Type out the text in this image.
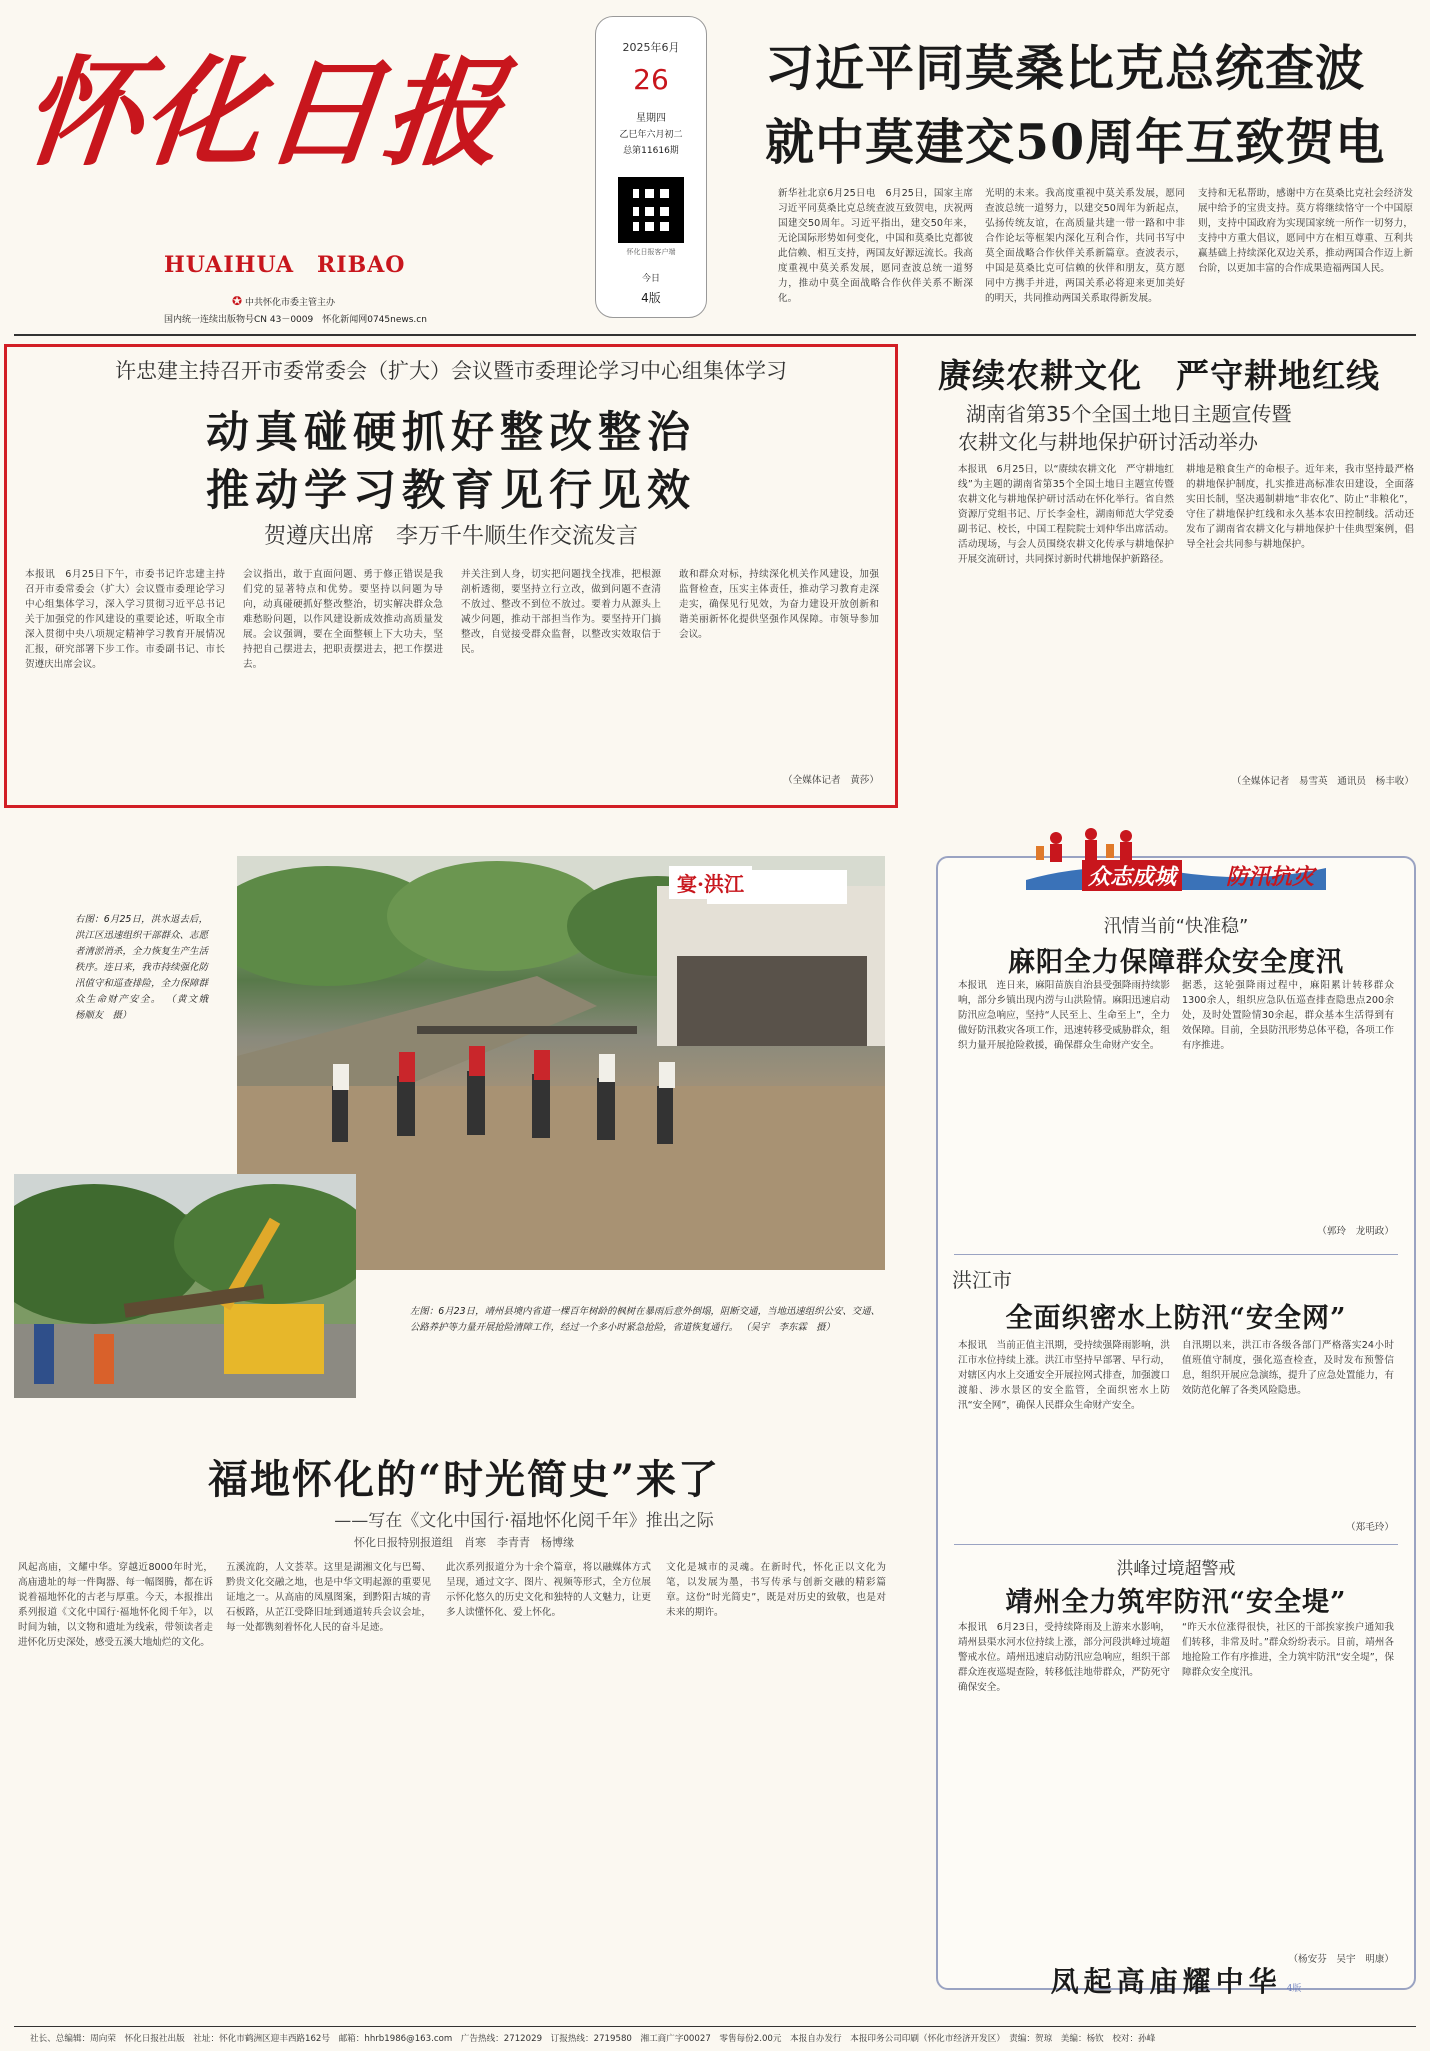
怀化日报
HUAIHUA　RIBAO
✪ 中共怀化市委主管主办
国内统一连续出版物号CN 43－0009　怀化新闻网0745news.cn
2025年6月
26
星期四
乙巳年六月初二
总第11616期
怀化日报客户端
今日
4版
习近平同莫桑比克总统查波
就中莫建交50周年互致贺电
新华社北京6月25日电　6月25日，国家主席习近平同莫桑比克总统查波互致贺电，庆祝两国建交50周年。习近平指出，建交50年来，无论国际形势如何变化，中国和莫桑比克都彼此信赖、相互支持，两国友好源远流长。我高度重视中莫关系发展，愿同查波总统一道努力，推动中莫全面战略合作伙伴关系不断深化。
光明的未来。我高度重视中莫关系发展，愿同查波总统一道努力，以建交50周年为新起点，弘扬传统友谊，在高质量共建一带一路和中非合作论坛等框架内深化互利合作，共同书写中莫全面战略合作伙伴关系新篇章。查波表示，中国是莫桑比克可信赖的伙伴和朋友，莫方愿同中方携手并进，两国关系必将迎来更加美好的明天，共同推动两国关系取得新发展。
支持和无私帮助，感谢中方在莫桑比克社会经济发展中给予的宝贵支持。莫方将继续恪守一个中国原则，支持中国政府为实现国家统一所作一切努力，支持中方重大倡议，愿同中方在相互尊重、互利共赢基础上持续深化双边关系，推动两国合作迈上新台阶，以更加丰富的合作成果造福两国人民。
许忠建主持召开市委常委会（扩大）会议暨市委理论学习中心组集体学习
动真碰硬抓好整改整治
推动学习教育见行见效
贺遵庆出席　李万千牛顺生作交流发言
本报讯　6月25日下午，市委书记许忠建主持召开市委常委会（扩大）会议暨市委理论学习中心组集体学习，深入学习贯彻习近平总书记关于加强党的作风建设的重要论述，听取全市深入贯彻中央八项规定精神学习教育开展情况汇报，研究部署下步工作。市委副书记、市长贺遵庆出席会议。
会议指出，敢于直面问题、勇于修正错误是我们党的显著特点和优势。要坚持以问题为导向，动真碰硬抓好整改整治，切实解决群众急难愁盼问题，以作风建设新成效推动高质量发展。会议强调，要在全面整顿上下大功夫，坚持把自己摆进去，把职责摆进去，把工作摆进去。
并关注到人身，切实把问题找全找准，把根源剖析透彻，要坚持立行立改，做到问题不查清不放过、整改不到位不放过。要着力从源头上减少问题，推动干部担当作为。要坚持开门搞整改，自觉接受群众监督，以整改实效取信于民。
敢和群众对标，持续深化机关作风建设，加强监督检查，压实主体责任，推动学习教育走深走实，确保见行见效，为奋力建设开放创新和谐美丽新怀化提供坚强作风保障。市领导参加会议。
（全媒体记者　黄莎）
赓续农耕文化　严守耕地红线
湖南省第35个全国土地日主题宣传暨
农耕文化与耕地保护研讨活动举办
本报讯　6月25日，以“赓续农耕文化　严守耕地红线”为主题的湖南省第35个全国土地日主题宣传暨农耕文化与耕地保护研讨活动在怀化举行。省自然资源厅党组书记、厅长李金柱，湖南师范大学党委副书记、校长，中国工程院院士刘仲华出席活动。活动现场，与会人员围绕农耕文化传承与耕地保护开展交流研讨，共同探讨新时代耕地保护新路径。
耕地是粮食生产的命根子。近年来，我市坚持最严格的耕地保护制度，扎实推进高标准农田建设，全面落实田长制，坚决遏制耕地“非农化”、防止“非粮化”，守住了耕地保护红线和永久基本农田控制线。活动还发布了湖南省农耕文化与耕地保护十佳典型案例，倡导全社会共同参与耕地保护。
（全媒体记者　易雪英　通讯员　杨丰收）
宴·洪江
右图：6月25日，洪水退去后，洪江区迅速组织干部群众、志愿者清淤消杀，全力恢复生产生活秩序。连日来，我市持续强化防汛值守和巡查排险，全力保障群众生命财产安全。 （黄文娥　杨顺友　摄）
左图：6月23日，靖州县境内省道一棵百年树龄的枫树在暴雨后意外倒塌，阻断交通，当地迅速组织公安、交通、公路养护等力量开展抢险清障工作，经过一个多小时紧急抢险，省道恢复通行。 （吴宇　李东霖　摄）
福地怀化的“时光简史”来了
——写在《文化中国行·福地怀化阅千年》推出之际
怀化日报特别报道组　肖寒　李青青　杨博缘
风起高庙，文耀中华。穿越近8000年时光，高庙遗址的每一件陶器、每一幅图腾，都在诉说着福地怀化的古老与厚重。今天，本报推出系列报道《文化中国行·福地怀化阅千年》，以时间为轴，以文物和遗址为线索，带领读者走进怀化历史深处，感受五溪大地灿烂的文化。
五溪流韵，人文荟萃。这里是湖湘文化与巴蜀、黔贵文化交融之地，也是中华文明起源的重要见证地之一。从高庙的凤凰图案，到黔阳古城的青石板路，从芷江受降旧址到通道转兵会议会址，每一处都镌刻着怀化人民的奋斗足迹。
此次系列报道分为十余个篇章，将以融媒体方式呈现，通过文字、图片、视频等形式，全方位展示怀化悠久的历史文化和独特的人文魅力，让更多人读懂怀化、爱上怀化。
文化是城市的灵魂。在新时代，怀化正以文化为笔，以发展为墨，书写传承与创新交融的精彩篇章。这份“时光简史”，既是对历史的致敬，也是对未来的期许。
众志成城 防汛抗灾
汛情当前“快准稳”
麻阳全力保障群众安全度汛
本报讯　连日来，麻阳苗族自治县受强降雨持续影响，部分乡镇出现内涝与山洪险情。麻阳迅速启动防汛应急响应，坚持“人民至上、生命至上”，全力做好防汛救灾各项工作，迅速转移受威胁群众，组织力量开展抢险救援，确保群众生命财产安全。
据悉，这轮强降雨过程中，麻阳累计转移群众1300余人，组织应急队伍巡查排查隐患点200余处，及时处置险情30余起，群众基本生活得到有效保障。目前，全县防汛形势总体平稳，各项工作有序推进。
（郭玲　龙明政）
洪江市
全面织密水上防汛“安全网”
本报讯　当前正值主汛期，受持续强降雨影响，洪江市水位持续上涨。洪江市坚持早部署、早行动，对辖区内水上交通安全开展拉网式排查，加强渡口渡船、涉水景区的安全监管，全面织密水上防汛“安全网”，确保人民群众生命财产安全。
自汛期以来，洪江市各级各部门严格落实24小时值班值守制度，强化巡查检查，及时发布预警信息，组织开展应急演练，提升了应急处置能力，有效防范化解了各类风险隐患。
（郑毛玲）
洪峰过境超警戒
靖州全力筑牢防汛“安全堤”
本报讯　6月23日，受持续降雨及上游来水影响，靖州县渠水河水位持续上涨，部分河段洪峰过境超警戒水位。靖州迅速启动防汛应急响应，组织干部群众连夜巡堤查险，转移低洼地带群众，严防死守确保安全。
“昨天水位涨得很快，社区的干部挨家挨户通知我们转移，非常及时。”群众纷纷表示。目前，靖州各地抢险工作有序推进，全力筑牢防汛“安全堤”，保障群众安全度汛。
（杨安芬　吴宇　明康）
凤起高庙耀中华 4版
社长、总编辑：周向荣　怀化日报社出版　社址：怀化市鹤洲区迎丰西路162号　邮箱：hhrb1986@163.com　广告热线：2712029　订报热线：2719580　湘工商广字00027　零售每份2.00元　本报自办发行　本报印务公司印刷（怀化市经济开发区）　责编：贺琼　美编：杨钦　校对：孙峰
